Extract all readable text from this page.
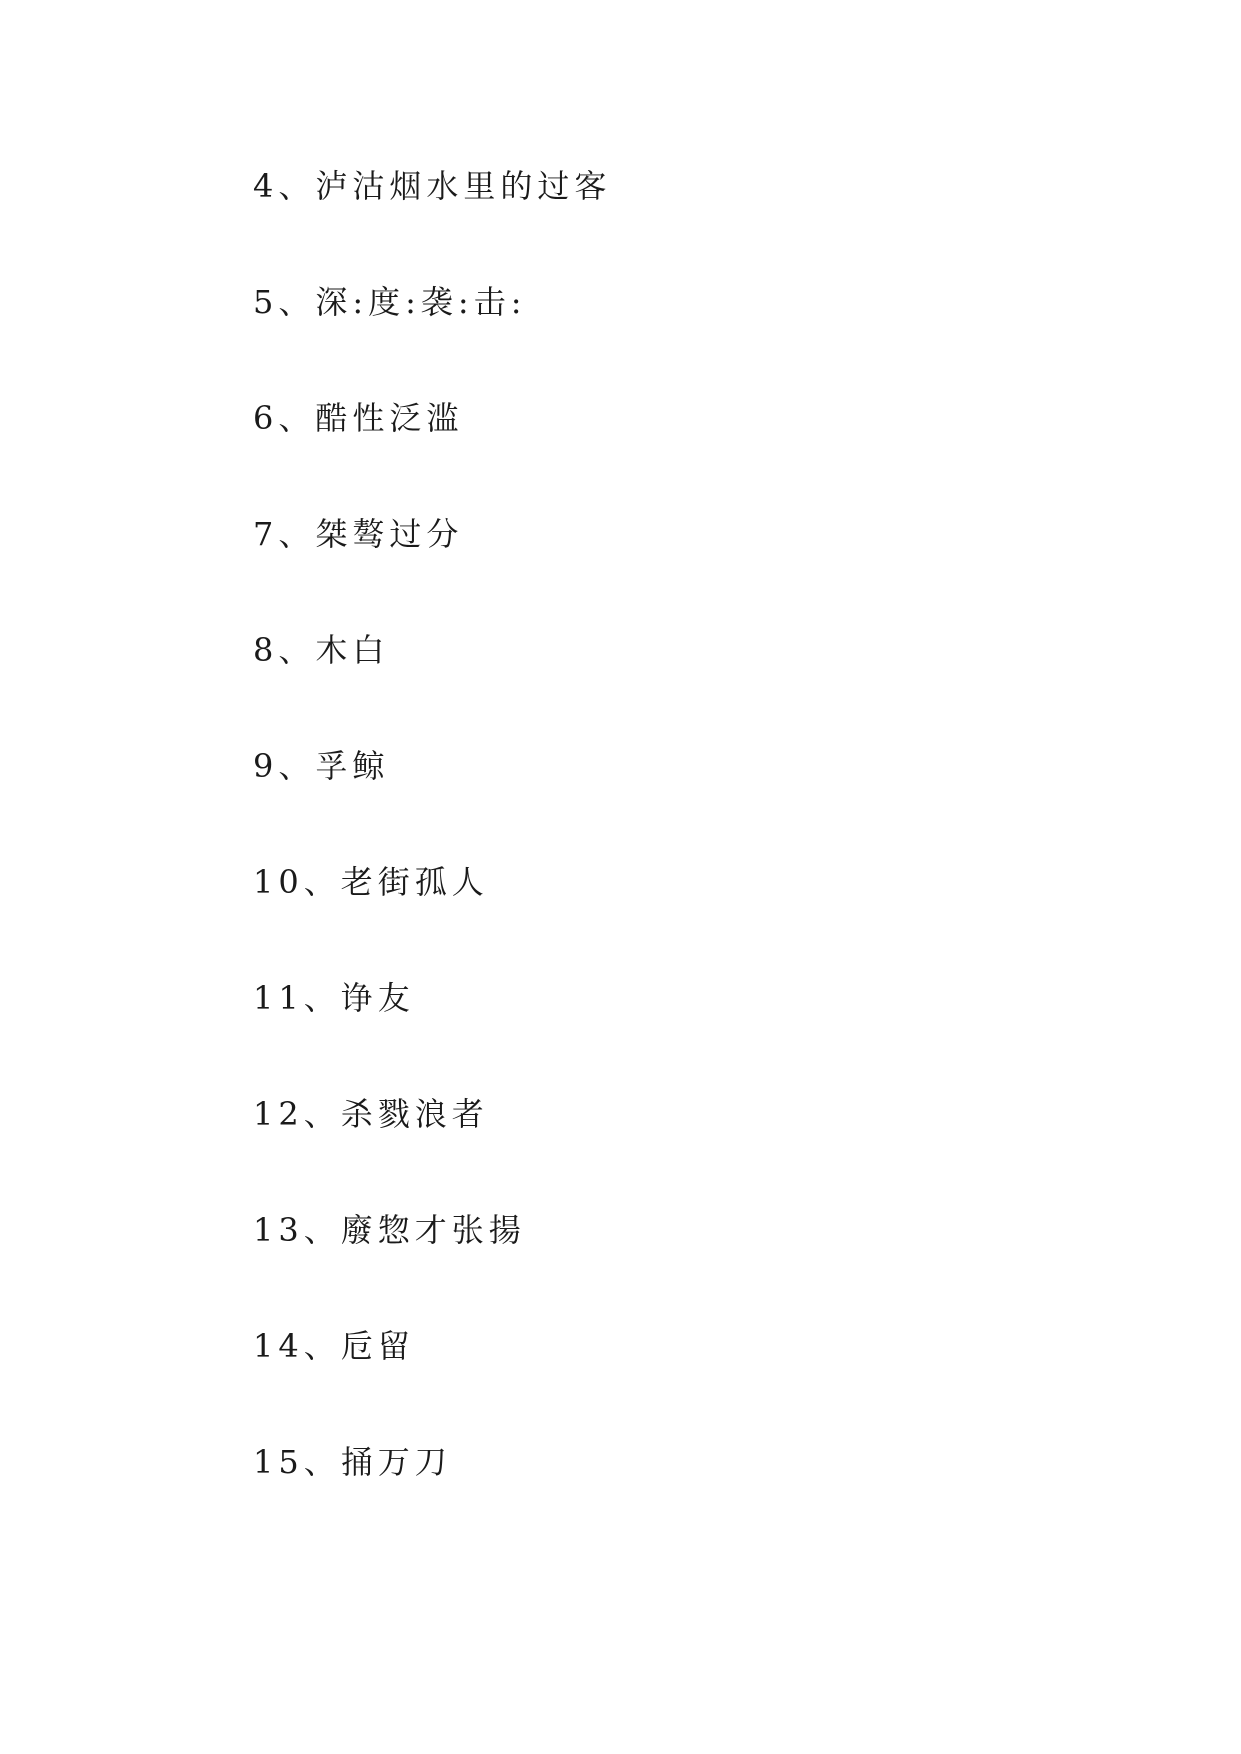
4、泸沽烟水里的过客
5、深:度:袭:击:
6、酷性泛滥
7、桀骜过分
8、木白
9、孚鲸
10、老街孤人
11、诤友
12、杀戮浪者
13、廢惣才张揚
14、卮留
15、捅万刀
